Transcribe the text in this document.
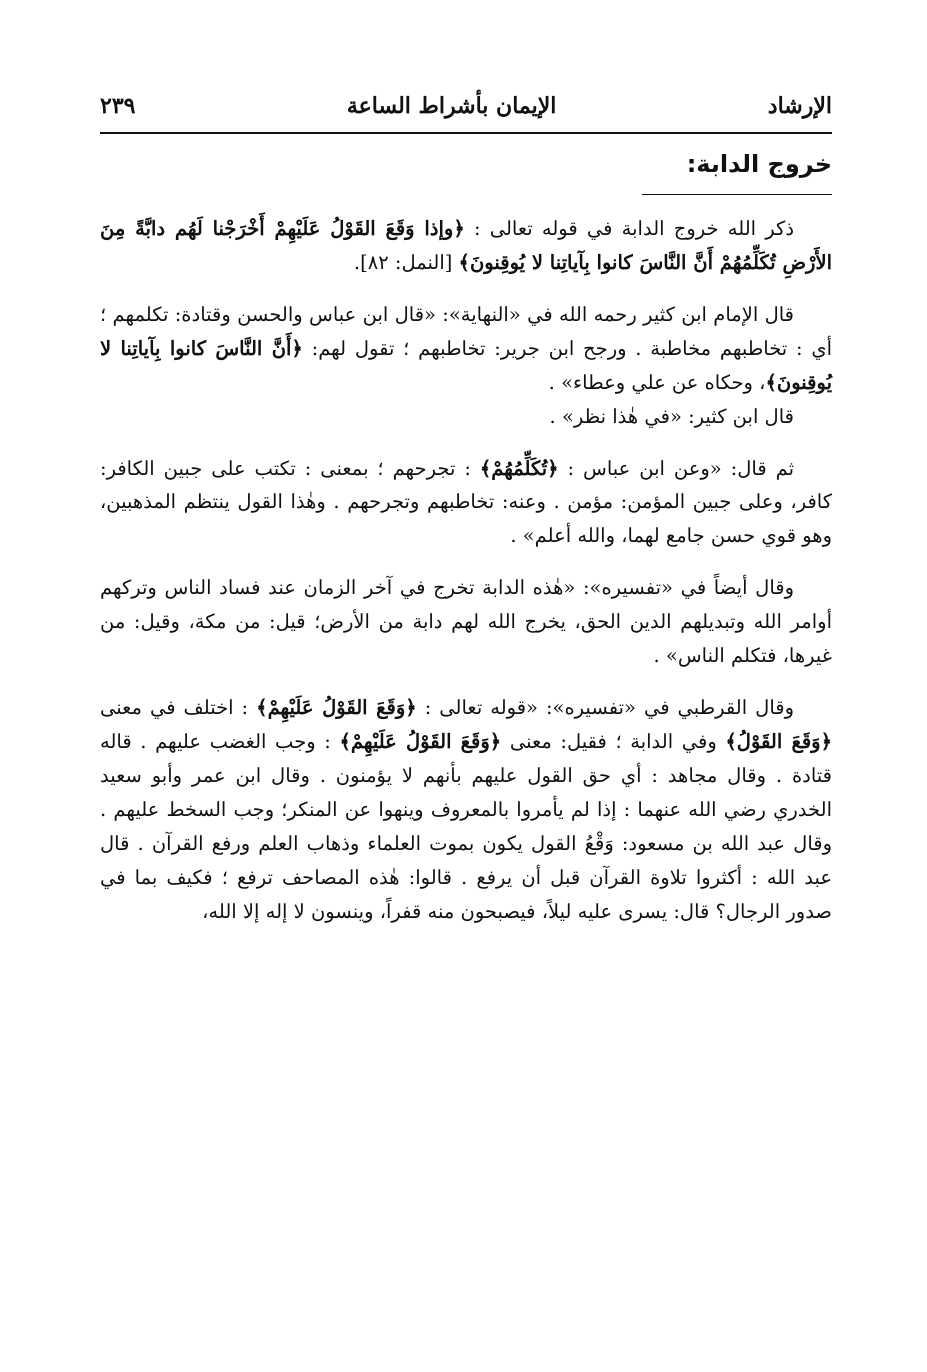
الإرشاد
الإيمان بأشراط الساعة
٢٣٩
خروج الدابة:

ذكر الله خروج الدابة في قوله تعالى : ﴿وإذا وَقَعَ القَوْلُ عَلَيْهِمْ أَخْرَجْنا لَهُم دابَّةً مِنَ الأَرْضِ تُكَلِّمُهُمْ أَنَّ النَّاسَ كانوا بِآياتِنا لا يُوقِنونَ﴾ [النمل: ٨٢].

قال الإمام ابن كثير رحمه الله في «النهاية»: «قال ابن عباس والحسن وقتادة: تكلمهم ؛ أي : تخاطبهم مخاطبة . ورجح ابن جرير: تخاطبهم ؛ تقول لهم: ﴿أَنَّ النَّاسَ كانوا بِآياتِنا لا يُوقِنونَ﴾، وحكاه عن علي وعطاء» .

قال ابن كثير: «في هٰذا نظر» .

ثم قال: «وعن ابن عباس : ﴿تُكَلِّمُهُمْ﴾ : تجرحهم ؛ بمعنى : تكتب على جبين الكافر: كافر، وعلى جبين المؤمن: مؤمن . وعنه: تخاطبهم وتجرحهم . وهٰذا القول ينتظم المذهبين، وهو قوي حسن جامع لهما، والله أعلم» .

وقال أيضاً في «تفسيره»: «هٰذه الدابة تخرج في آخر الزمان عند فساد الناس وتركهم أوامر الله وتبديلهم الدين الحق، يخرج الله لهم دابة من الأرض؛ قيل: من مكة، وقيل: من غيرها، فتكلم الناس» .

وقال القرطبي في «تفسيره»: «قوله تعالى : ﴿وَقَعَ القَوْلُ عَلَيْهِمْ﴾ : اختلف في معنى ﴿وَقَعَ القَوْلُ﴾ وفي الدابة ؛ فقيل: معنى ﴿وَقَعَ القَوْلُ عَلَيْهِمْ﴾ : وجب الغضب عليهم . قاله قتادة . وقال مجاهد : أي حق القول عليهم بأنهم لا يؤمنون . وقال ابن عمر وأبو سعيد الخدري رضي الله عنهما : إذا لم يأمروا بالمعروف وينهوا عن المنكر؛ وجب السخط عليهم . وقال عبد الله بن مسعود: وَقْعُ القول يكون بموت العلماء وذهاب العلم ورفع القرآن . قال عبد الله : أكثروا تلاوة القرآن قبل أن يرفع . قالوا: هٰذه المصاحف ترفع ؛ فكيف بما في صدور الرجال؟ قال: يسرى عليه ليلاً، فيصبحون منه قفراً، وينسون لا إله إلا الله،
